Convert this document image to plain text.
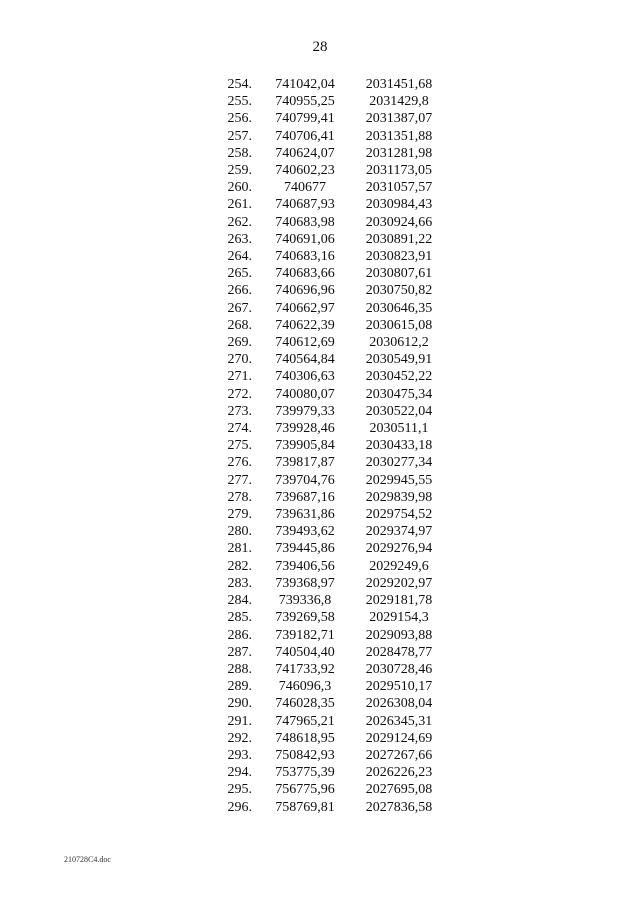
28
254.	741042,04	2031451,68
255.	740955,25	2031429,8
256.	740799,41	2031387,07
257.	740706,41	2031351,88
258.	740624,07	2031281,98
259.	740602,23	2031173,05
260.	740677	2031057,57
261.	740687,93	2030984,43
262.	740683,98	2030924,66
263.	740691,06	2030891,22
264.	740683,16	2030823,91
265.	740683,66	2030807,61
266.	740696,96	2030750,82
267.	740662,97	2030646,35
268.	740622,39	2030615,08
269.	740612,69	2030612,2
270.	740564,84	2030549,91
271.	740306,63	2030452,22
272.	740080,07	2030475,34
273.	739979,33	2030522,04
274.	739928,46	2030511,1
275.	739905,84	2030433,18
276.	739817,87	2030277,34
277.	739704,76	2029945,55
278.	739687,16	2029839,98
279.	739631,86	2029754,52
280.	739493,62	2029374,97
281.	739445,86	2029276,94
282.	739406,56	2029249,6
283.	739368,97	2029202,97
284.	739336,8	2029181,78
285.	739269,58	2029154,3
286.	739182,71	2029093,88
287.	740504,40	2028478,77
288.	741733,92	2030728,46
289.	746096,3	2029510,17
290.	746028,35	2026308,04
291.	747965,21	2026345,31
292.	748618,95	2029124,69
293.	750842,93	2027267,66
294.	753775,39	2026226,23
295.	756775,96	2027695,08
296.	758769,81	2027836,58
210728C4.doc
